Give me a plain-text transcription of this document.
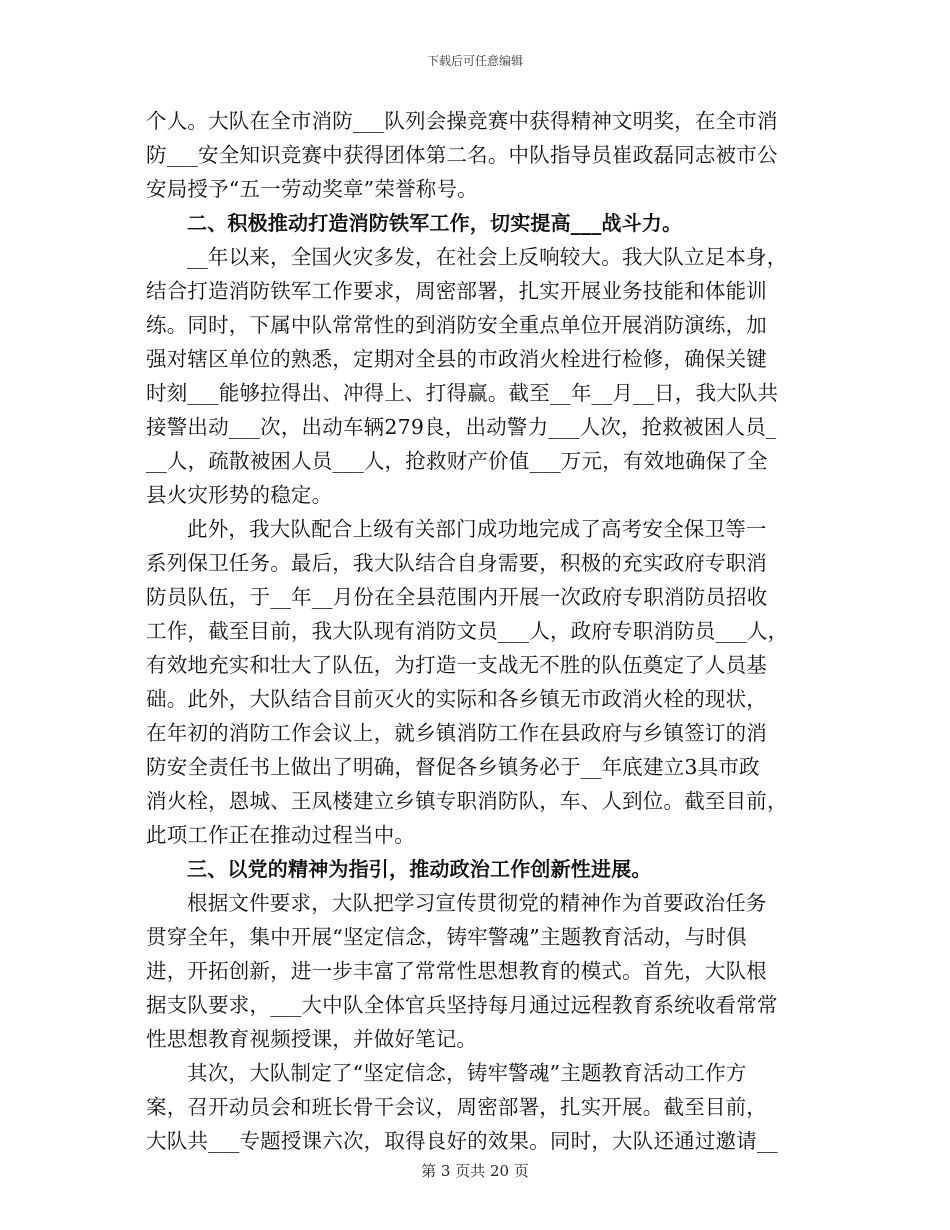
下载后可任意编辑
个人。大队在全市消防___队列会操竞赛中获得精神文明奖，在全市消
防___安全知识竞赛中获得团体第二名。中队指导员崔政磊同志被市公
安局授予“五一劳动奖章”荣誉称号。
二、积极推动打造消防铁军工作，切实提高___战斗力。
__年以来，全国火灾多发，在社会上反响较大。我大队立足本身，
结合打造消防铁军工作要求，周密部署，扎实开展业务技能和体能训
练。同时，下属中队常常性的到消防安全重点单位开展消防演练，加
强对辖区单位的熟悉，定期对全县的市政消火栓进行检修，确保关键
时刻___能够拉得出、冲得上、打得赢。截至__年__月__日，我大队共
接警出动___次，出动车辆279良，出动警力___人次，抢救被困人员_
__人，疏散被困人员___人，抢救财产价值___万元，有效地确保了全
县火灾形势的稳定。
此外，我大队配合上级有关部门成功地完成了高考安全保卫等一
系列保卫任务。最后，我大队结合自身需要，积极的充实政府专职消
防员队伍，于__年__月份在全县范围内开展一次政府专职消防员招收
工作，截至目前，我大队现有消防文员___人，政府专职消防员___人，
有效地充实和壮大了队伍，为打造一支战无不胜的队伍奠定了人员基
础。此外，大队结合目前灭火的实际和各乡镇无市政消火栓的现状，
在年初的消防工作会议上，就乡镇消防工作在县政府与乡镇签订的消
防安全责任书上做出了明确，督促各乡镇务必于__年底建立3具市政
消火栓，恩城、王凤楼建立乡镇专职消防队，车、人到位。截至目前，
此项工作正在推动过程当中。
三、以党的精神为指引，推动政治工作创新性进展。
根据文件要求，大队把学习宣传贯彻党的精神作为首要政治任务
贯穿全年，集中开展“坚定信念，铸牢警魂”主题教育活动，与时俱
进，开拓创新，进一步丰富了常常性思想教育的模式。首先，大队根
据支队要求，___大中队全体官兵坚持每月通过远程教育系统收看常常
性思想教育视频授课，并做好笔记。
其次，大队制定了“坚定信念，铸牢警魂”主题教育活动工作方
案，召开动员会和班长骨干会议，周密部署，扎实开展。截至目前，
大队共___专题授课六次，取得良好的效果。同时，大队还通过邀请__
第 3 页共 20 页
